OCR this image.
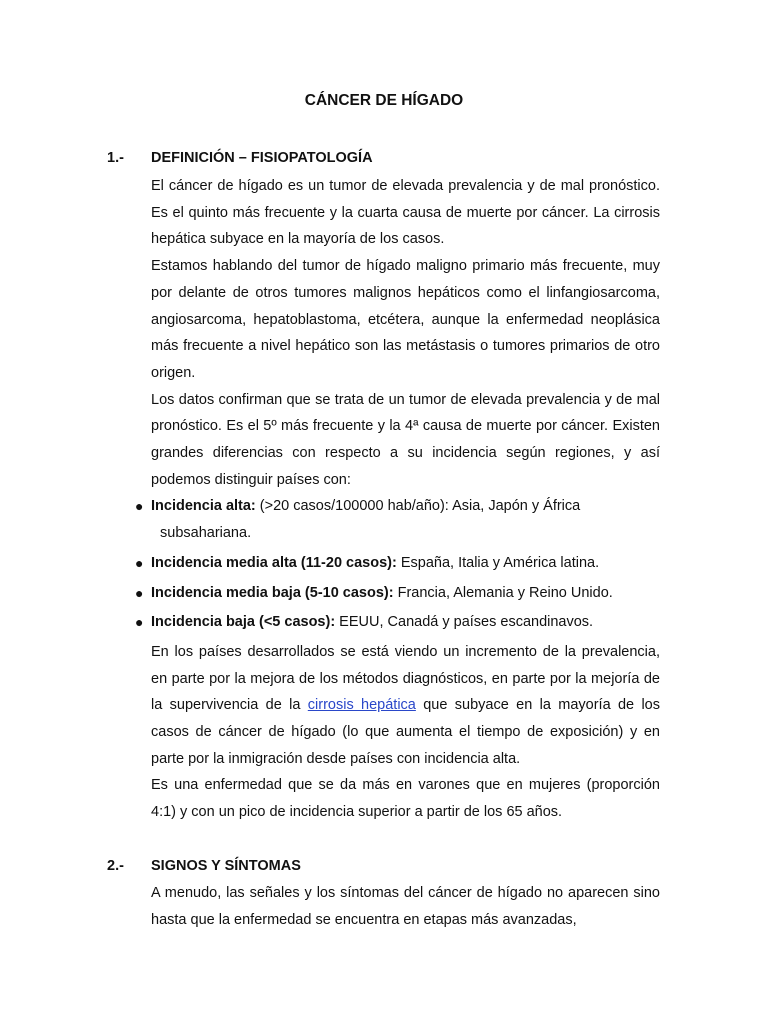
CÁNCER DE HÍGADO
1.- DEFINICIÓN – FISIOPATOLOGÍA

El cáncer de hígado es un tumor de elevada prevalencia y de mal pronóstico. Es el quinto más frecuente y la cuarta causa de muerte por cáncer. La cirrosis hepática subyace en la mayoría de los casos.

Estamos hablando del tumor de hígado maligno primario más frecuente, muy por delante de otros tumores malignos hepáticos como el linfangiosarcoma, angiosarcoma, hepatoblastoma, etcétera, aunque la enfermedad neoplásica más frecuente a nivel hepático son las metástasis o tumores primarios de otro origen.

Los datos confirman que se trata de un tumor de elevada prevalencia y de mal pronóstico. Es el 5º más frecuente y la 4ª causa de muerte por cáncer. Existen grandes diferencias con respecto a su incidencia según regiones, y así podemos distinguir países con:

● Incidencia alta: (>20 casos/100000 hab/año): Asia, Japón y África
subsahariana.
● Incidencia media alta (11-20 casos): España, Italia y América latina.
● Incidencia media baja (5-10 casos): Francia, Alemania y Reino Unido.
● Incidencia baja (<5 casos): EEUU, Canadá y países escandinavos.

En los países desarrollados se está viendo un incremento de la prevalencia, en parte por la mejora de los métodos diagnósticos, en parte por la mejoría de la supervivencia de la cirrosis hepática que subyace en la mayoría de los casos de cáncer de hígado (lo que aumenta el tiempo de exposición) y en parte por la inmigración desde países con incidencia alta.

Es una enfermedad que se da más en varones que en mujeres (proporción 4:1) y con un pico de incidencia superior a partir de los 65 años.

2.- SIGNOS Y SÍNTOMAS

A menudo, las señales y los síntomas del cáncer de hígado no aparecen sino hasta que la enfermedad se encuentra en etapas más avanzadas,
